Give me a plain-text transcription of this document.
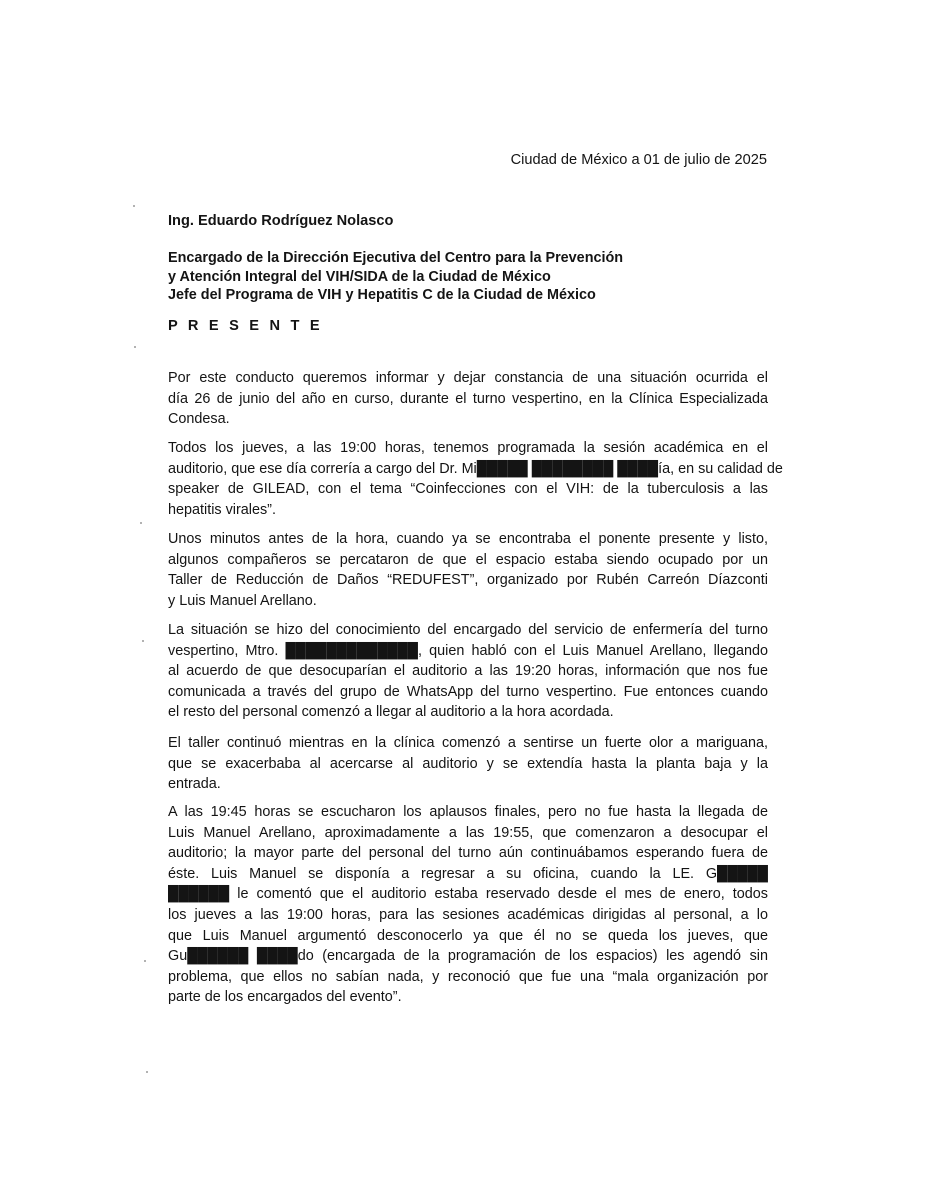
Ciudad de México a 01 de julio de 2025
Ing. Eduardo Rodríguez Nolasco
Encargado de la Dirección Ejecutiva del Centro para la Prevención
y Atención Integral del VIH/SIDA de la Ciudad de México
Jefe del Programa de VIH y Hepatitis C de la Ciudad de México
P R E S E N T E
Por este conducto queremos informar y dejar constancia de una situación ocurrida el
día 26 de junio del año en curso, durante el turno vespertino, en la Clínica Especializada
Condesa.
Todos los jueves, a las 19:00 horas, tenemos programada la sesión académica en el
auditorio, que ese día correría a cargo del Dr. Mi█████ ████████ ████ía, en su calidad de
speaker de GILEAD, con el tema “Coinfecciones con el VIH: de la tuberculosis a las
hepatitis virales”.
Unos minutos antes de la hora, cuando ya se encontraba el ponente presente y listo,
algunos compañeros se percataron de que el espacio estaba siendo ocupado por un
Taller de Reducción de Daños “REDUFEST”, organizado por Rubén Carreón Díazconti
y Luis Manuel Arellano.
La situación se hizo del conocimiento del encargado del servicio de enfermería del turno
vespertino, Mtro. █████████████, quien habló con el Luis Manuel Arellano, llegando
al acuerdo de que desocuparían el auditorio a las 19:20 horas, información que nos fue
comunicada a través del grupo de WhatsApp del turno vespertino. Fue entonces cuando
el resto del personal comenzó a llegar al auditorio a la hora acordada.
El taller continuó mientras en la clínica comenzó a sentirse un fuerte olor a mariguana,
que se exacerbaba al acercarse al auditorio y se extendía hasta la planta baja y la
entrada.
A las 19:45 horas se escucharon los aplausos finales, pero no fue hasta la llegada de
Luis Manuel Arellano, aproximadamente a las 19:55, que comenzaron a desocupar el
auditorio; la mayor parte del personal del turno aún continuábamos esperando fuera de
éste. Luis Manuel se disponía a regresar a su oficina, cuando la LE. G█████
██████ le comentó que el auditorio estaba reservado desde el mes de enero, todos
los jueves a las 19:00 horas, para las sesiones académicas dirigidas al personal, a lo
que Luis Manuel argumentó desconocerlo ya que él no se queda los jueves, que
Gu██████ ████do (encargada de la programación de los espacios) les agendó sin
problema, que ellos no sabían nada, y reconoció que fue una “mala organización por
parte de los encargados del evento”.
